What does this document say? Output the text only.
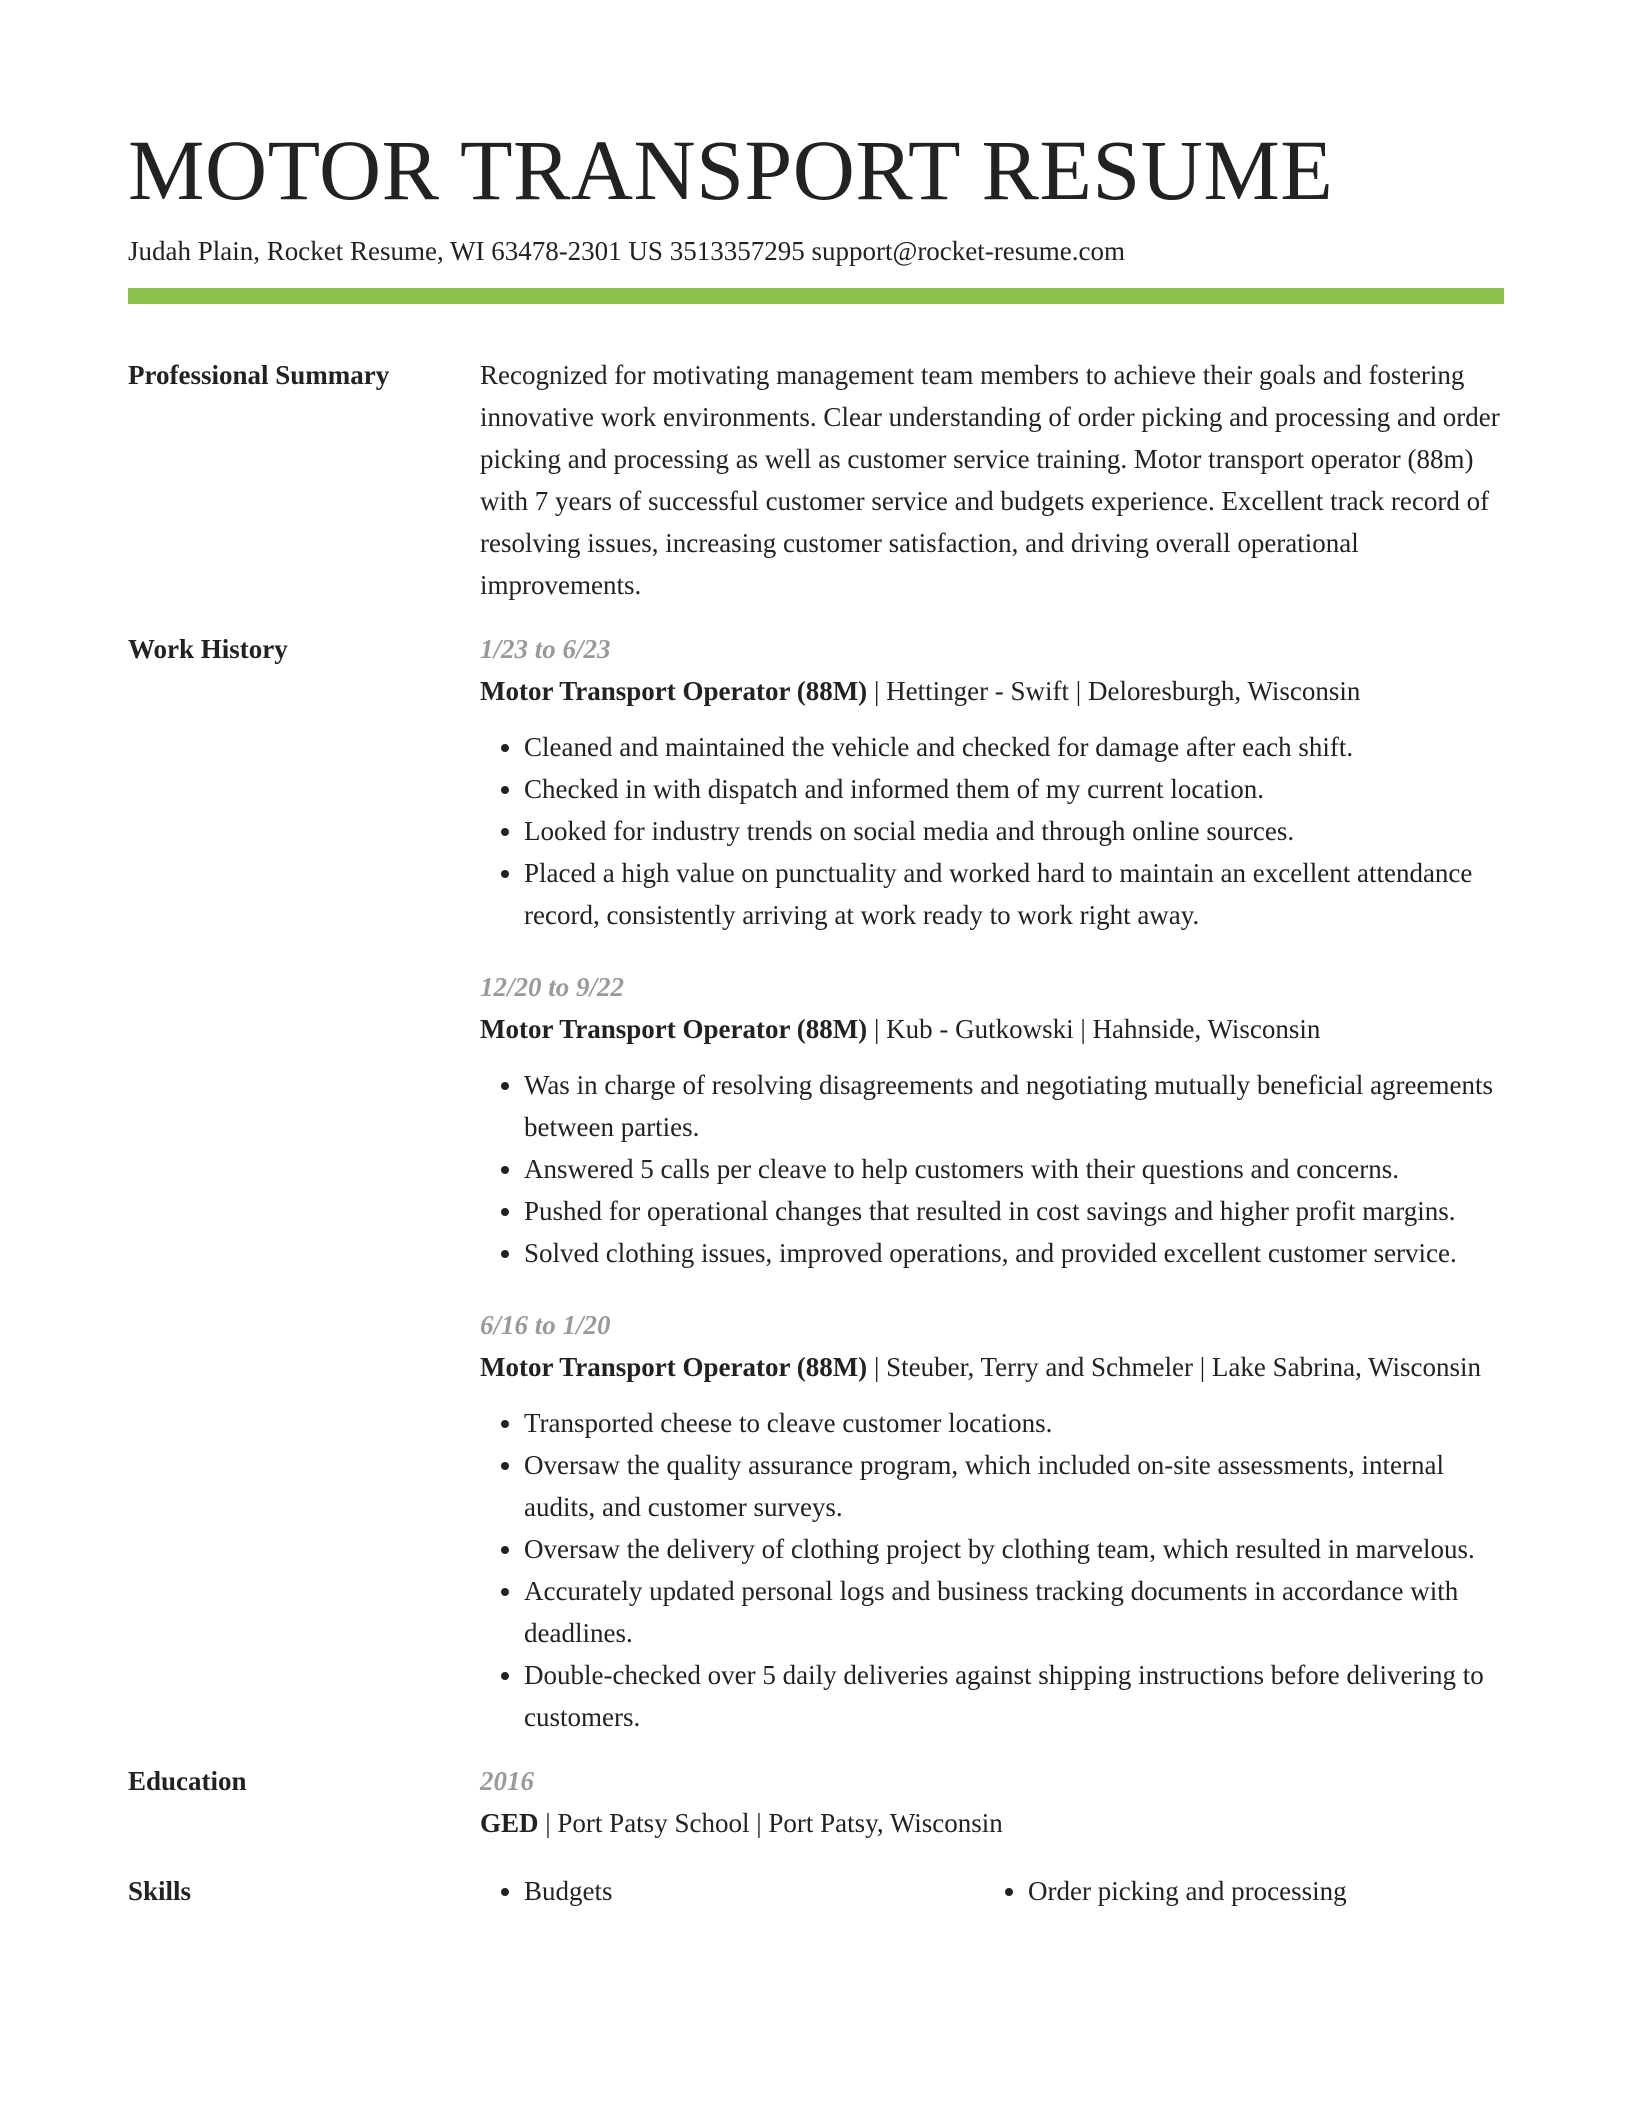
MOTOR TRANSPORT RESUME
Judah Plain, Rocket Resume, WI 63478-2301 US 3513357295 support@rocket-resume.com
Professional Summary	Recognized for motivating management team members to achieve their goals and fostering innovative work environments. Clear understanding of order picking and processing and order picking and processing as well as customer service training. Motor transport operator (88m) with 7 years of successful customer service and budgets experience. Excellent track record of resolving issues, increasing customer satisfaction, and driving overall operational improvements.
Work History	1/23 to 6/23
Motor Transport Operator (88M) | Hettinger - Swift | Deloresburgh, Wisconsin
• Cleaned and maintained the vehicle and checked for damage after each shift.
• Checked in with dispatch and informed them of my current location.
• Looked for industry trends on social media and through online sources.
• Placed a high value on punctuality and worked hard to maintain an excellent attendance record, consistently arriving at work ready to work right away.
12/20 to 9/22
Motor Transport Operator (88M) | Kub - Gutkowski | Hahnside, Wisconsin
• Was in charge of resolving disagreements and negotiating mutually beneficial agreements between parties.
• Answered 5 calls per cleave to help customers with their questions and concerns.
• Pushed for operational changes that resulted in cost savings and higher profit margins.
• Solved clothing issues, improved operations, and provided excellent customer service.
6/16 to 1/20
Motor Transport Operator (88M) | Steuber, Terry and Schmeler | Lake Sabrina, Wisconsin
• Transported cheese to cleave customer locations.
• Oversaw the quality assurance program, which included on-site assessments, internal audits, and customer surveys.
• Oversaw the delivery of clothing project by clothing team, which resulted in marvelous.
• Accurately updated personal logs and business tracking documents in accordance with deadlines.
• Double-checked over 5 daily deliveries against shipping instructions before delivering to customers.
Education	2016
GED | Port Patsy School | Port Patsy, Wisconsin
Skills	• Budgets	• Order picking and processing
